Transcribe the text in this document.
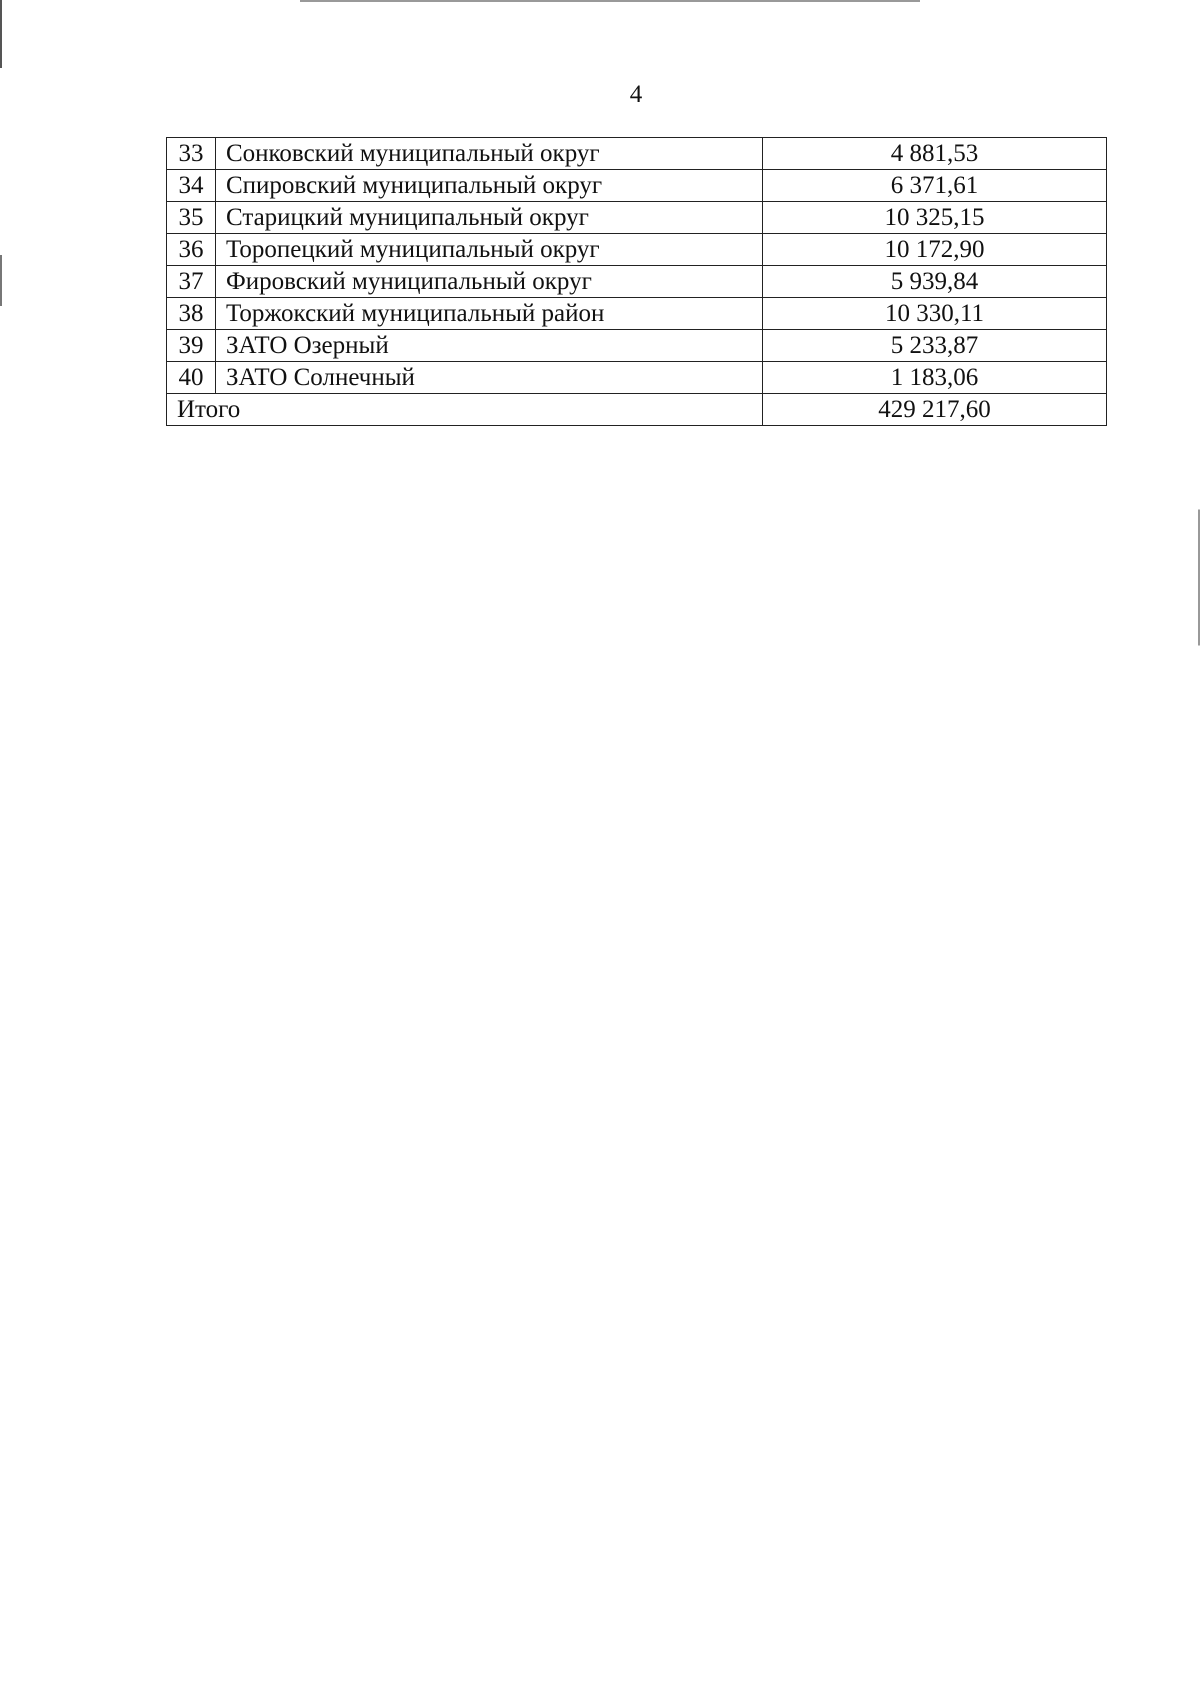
4
33	Сонковский муниципальный округ	4 881,53
34	Спировский муниципальный округ	6 371,61
35	Старицкий муниципальный округ	10 325,15
36	Торопецкий муниципальный округ	10 172,90
37	Фировский муниципальный округ	5 939,84
38	Торжокский муниципальный район	10 330,11
39	ЗАТО Озерный	5 233,87
40	ЗАТО Солнечный	1 183,06
Итого		429 217,60
